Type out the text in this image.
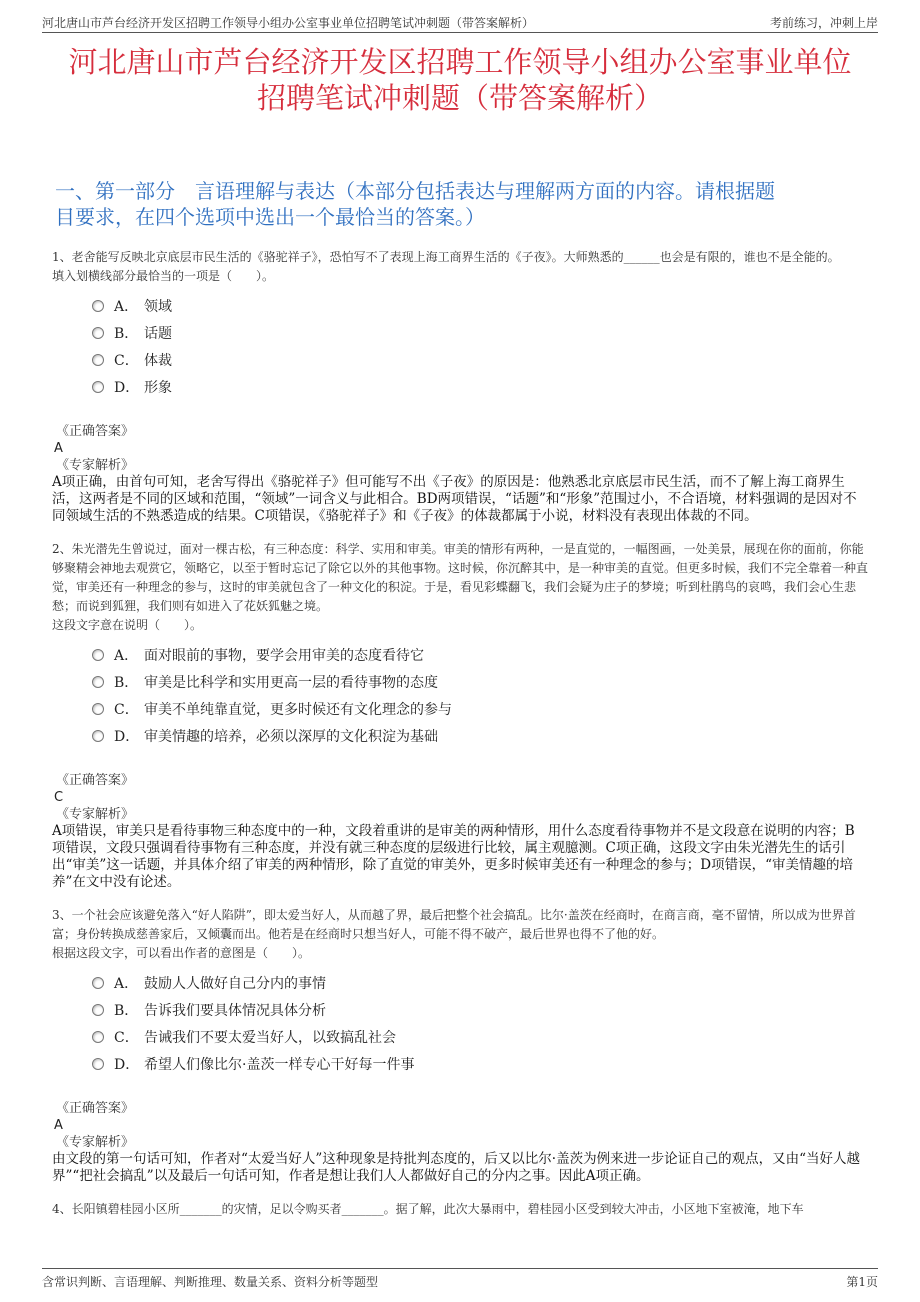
河北唐山市芦台经济开发区招聘工作领导小组办公室事业单位招聘笔试冲刺题（带答案解析）	考前练习，冲刺上岸
河北唐山市芦台经济开发区招聘工作领导小组办公室事业单位
招聘笔试冲刺题（带答案解析）
一、第一部分　言语理解与表达（本部分包括表达与理解两方面的内容。请根据题
目要求，在四个选项中选出一个最恰当的答案。）

1、老舍能写反映北京底层市民生活的《骆驼祥子》，恐怕写不了表现上海工商界生活的《子夜》。大师熟悉的______也会是有限的，谁也不是全能的。

填入划横线部分最恰当的一项是（　　）。

A． 领域
B． 话题
C． 体裁
D． 形象
《正确答案》
A
《专家解析》
A项正确，由首句可知，老舍写得出《骆驼祥子》但可能写不出《子夜》的原因是：他熟悉北京底层市民生活，而不了解上海工商界生活，这两者是不同的区域和范围，“领域”一词含义与此相合。BD两项错误，“话题”和“形象”范围过小，不合语境，材料强调的是因对不同领域生活的不熟悉造成的结果。C项错误，《骆驼祥子》和《子夜》的体裁都属于小说，材料没有表现出体裁的不同。

2、朱光潜先生曾说过，面对一棵古松，有三种态度：科学、实用和审美。审美的情形有两种，一是直觉的，一幅图画，一处美景，展现在你的面前，你能够聚精会神地去观赏它，领略它，以至于暂时忘记了除它以外的其他事物。这时候，你沉醉其中，是一种审美的直觉。但更多时候，我们不完全靠着一种直觉，审美还有一种理念的参与，这时的审美就包含了一种文化的积淀。于是，看见彩蝶翻飞，我们会疑为庄子的梦境；听到杜鹃鸟的哀鸣，我们会心生悲愁；而说到狐狸，我们则有如进入了花妖狐魅之境。

这段文字意在说明（　　）。

A． 面对眼前的事物，要学会用审美的态度看待它
B． 审美是比科学和实用更高一层的看待事物的态度
C． 审美不单纯靠直觉，更多时候还有文化理念的参与
D． 审美情趣的培养，必须以深厚的文化积淀为基础
《正确答案》
C
《专家解析》
A项错误，审美只是看待事物三种态度中的一种，文段着重讲的是审美的两种情形，用什么态度看待事物并不是文段意在说明的内容；B项错误，文段只强调看待事物有三种态度，并没有就三种态度的层级进行比较，属主观臆测。C项正确，这段文字由朱光潜先生的话引出“审美”这一话题，并具体介绍了审美的两种情形，除了直觉的审美外，更多时候审美还有一种理念的参与；D项错误，“审美情趣的培养”在文中没有论述。

3、一个社会应该避免落入“好人陷阱”，即太爱当好人，从而越了界，最后把整个社会搞乱。比尔·盖茨在经商时，在商言商，毫不留情，所以成为世界首富；身份转换成慈善家后，又倾囊而出。他若是在经商时只想当好人，可能不得不破产，最后世界也得不了他的好。

根据这段文字，可以看出作者的意图是（　　）。

A． 鼓励人人做好自己分内的事情
B． 告诉我们要具体情况具体分析
C． 告诫我们不要太爱当好人，以致搞乱社会
D． 希望人们像比尔·盖茨一样专心干好每一件事
《正确答案》
A
《专家解析》
由文段的第一句话可知，作者对“太爱当好人”这种现象是持批判态度的，后又以比尔·盖茨为例来进一步论证自己的观点，又由“当好人越界”“把社会搞乱”以及最后一句话可知，作者是想让我们人人都做好自己的分内之事。因此A项正确。

4、长阳镇碧桂园小区所_______的灾情，足以令购买者_______。据了解，此次大暴雨中，碧桂园小区受到较大冲击，小区地下室被淹，地下车

含常识判断、言语理解、判断推理、数量关系、资料分析等题型	第1页
